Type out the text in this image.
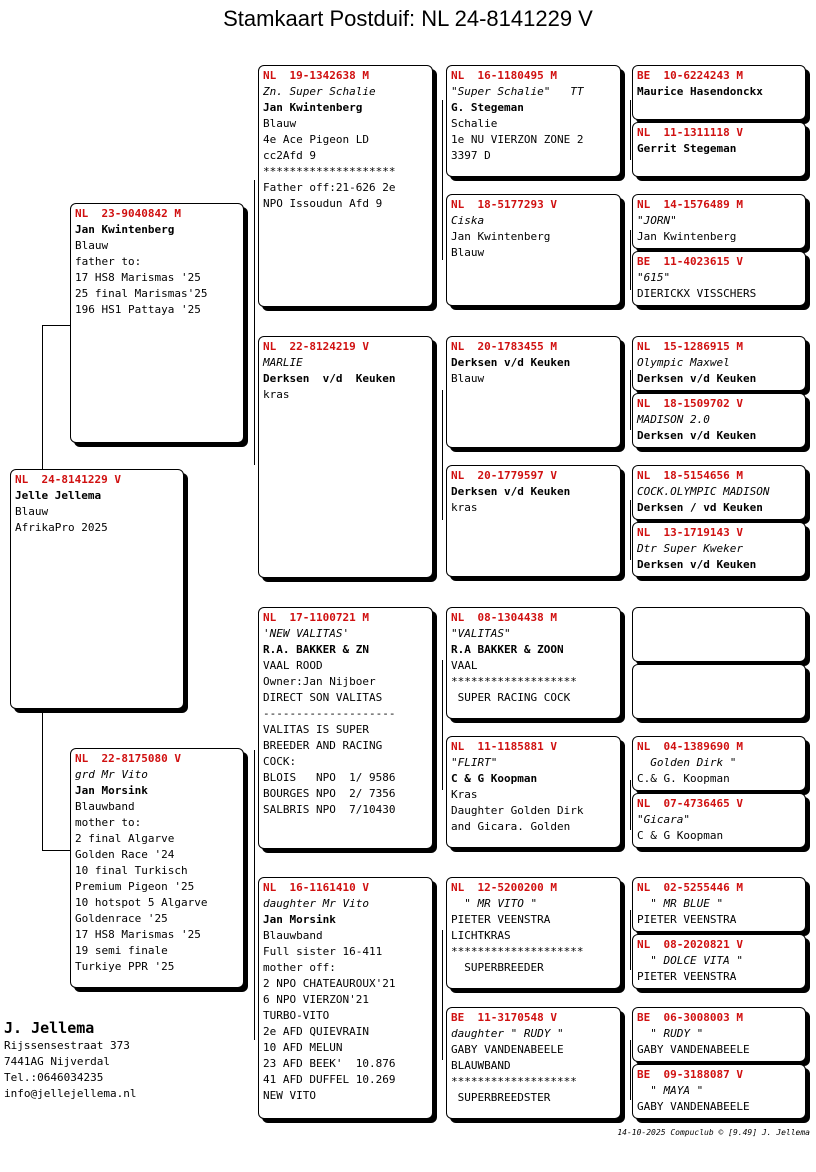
Stamkaart Postduif: NL 24-8141229 V
NL  24-8141229 V
Jelle Jellema
Blauw
AfrikaPro 2025
NL  23-9040842 M
Jan Kwintenberg
Blauw
father to:
17 HS8 Marismas '25
25 final Marismas'25
196 HS1 Pattaya '25
NL  22-8175080 V
grd Mr Vito
Jan Morsink
Blauwband
mother to:
2 final Algarve
Golden Race '24
10 final Turkisch
Premium Pigeon '25
10 hotspot 5 Algarve
Goldenrace '25
17 HS8 Marismas '25
19 semi finale
Turkiye PPR '25
NL  19-1342638 M
Zn. Super Schalie
Jan Kwintenberg
Blauw
4e Ace Pigeon LD
cc2Afd 9
********************
Father off:21-626 2e
NPO Issoudun Afd 9
NL  22-8124219 V
MARLIE
Derksen  v/d  Keuken
kras
NL  17-1100721 M
'NEW VALITAS'
R.A. BAKKER & ZN
VAAL ROOD
Owner:Jan Nijboer
DIRECT SON VALITAS
--------------------
VALITAS IS SUPER
BREEDER AND RACING
COCK:
BLOIS   NPO  1/ 9586
BOURGES NPO  2/ 7356
SALBRIS NPO  7/10430
NL  16-1161410 V
daughter Mr Vito
Jan Morsink
Blauwband
Full sister 16-411
mother off:
2 NPO CHATEAUROUX'21
6 NPO VIERZON'21
TURBO-VITO
2e AFD QUIEVRAIN
10 AFD MELUN
23 AFD BEEK'  10.876
41 AFD DUFFEL 10.269
NEW VITO
NL  16-1180495 M
"Super Schalie"   TT
G. Stegeman
Schalie
1e NU VIERZON ZONE 2
3397 D
NL  18-5177293 V
Ciska
Jan Kwintenberg
Blauw
NL  20-1783455 M
Derksen v/d Keuken
Blauw
NL  20-1779597 V
Derksen v/d Keuken
kras
NL  08-1304438 M
"VALITAS"
R.A BAKKER & ZOON
VAAL
*******************
SUPER RACING COCK
NL  11-1185881 V
"FLIRT"
C & G Koopman
Kras
Daughter Golden Dirk
and Gicara. Golden
NL  12-5200200 M
" MR VITO "
PIETER VEENSTRA
LICHTKRAS
********************
SUPERBREEDER
BE  11-3170548 V
daughter " RUDY "
GABY VANDENABEELE
BLAUWBAND
*******************
SUPERBREEDSTER
BE  10-6224243 M
Maurice Hasendonckx
NL  11-1311118 V
Gerrit Stegeman
NL  14-1576489 M
"JORN"
Jan Kwintenberg
BE  11-4023615 V
"615"
DIERICKX VISSCHERS
NL  15-1286915 M
Olympic Maxwel
Derksen v/d Keuken
NL  18-1509702 V
MADISON 2.0
Derksen v/d Keuken
NL  18-5154656 M
COCK.OLYMPIC MADISON
Derksen / vd Keuken
NL  13-1719143 V
Dtr Super Kweker
Derksen v/d Keuken
NL  04-1389690 M
Golden Dirk "
C.& G. Koopman
NL  07-4736465 V
"Gicara"
C & G Koopman
NL  02-5255446 M
" MR BLUE "
PIETER VEENSTRA
NL  08-2020821 V
" DOLCE VITA "
PIETER VEENSTRA
BE  06-3008003 M
" RUDY "
GABY VANDENABEELE
BE  09-3188087 V
" MAYA "
GABY VANDENABEELE
J. Jellema
Rijssensestraat 373
7441AG Nijverdal
Tel.:0646034235
info@jellejellema.nl
14-10-2025 Compuclub © [9.49] J. Jellema
